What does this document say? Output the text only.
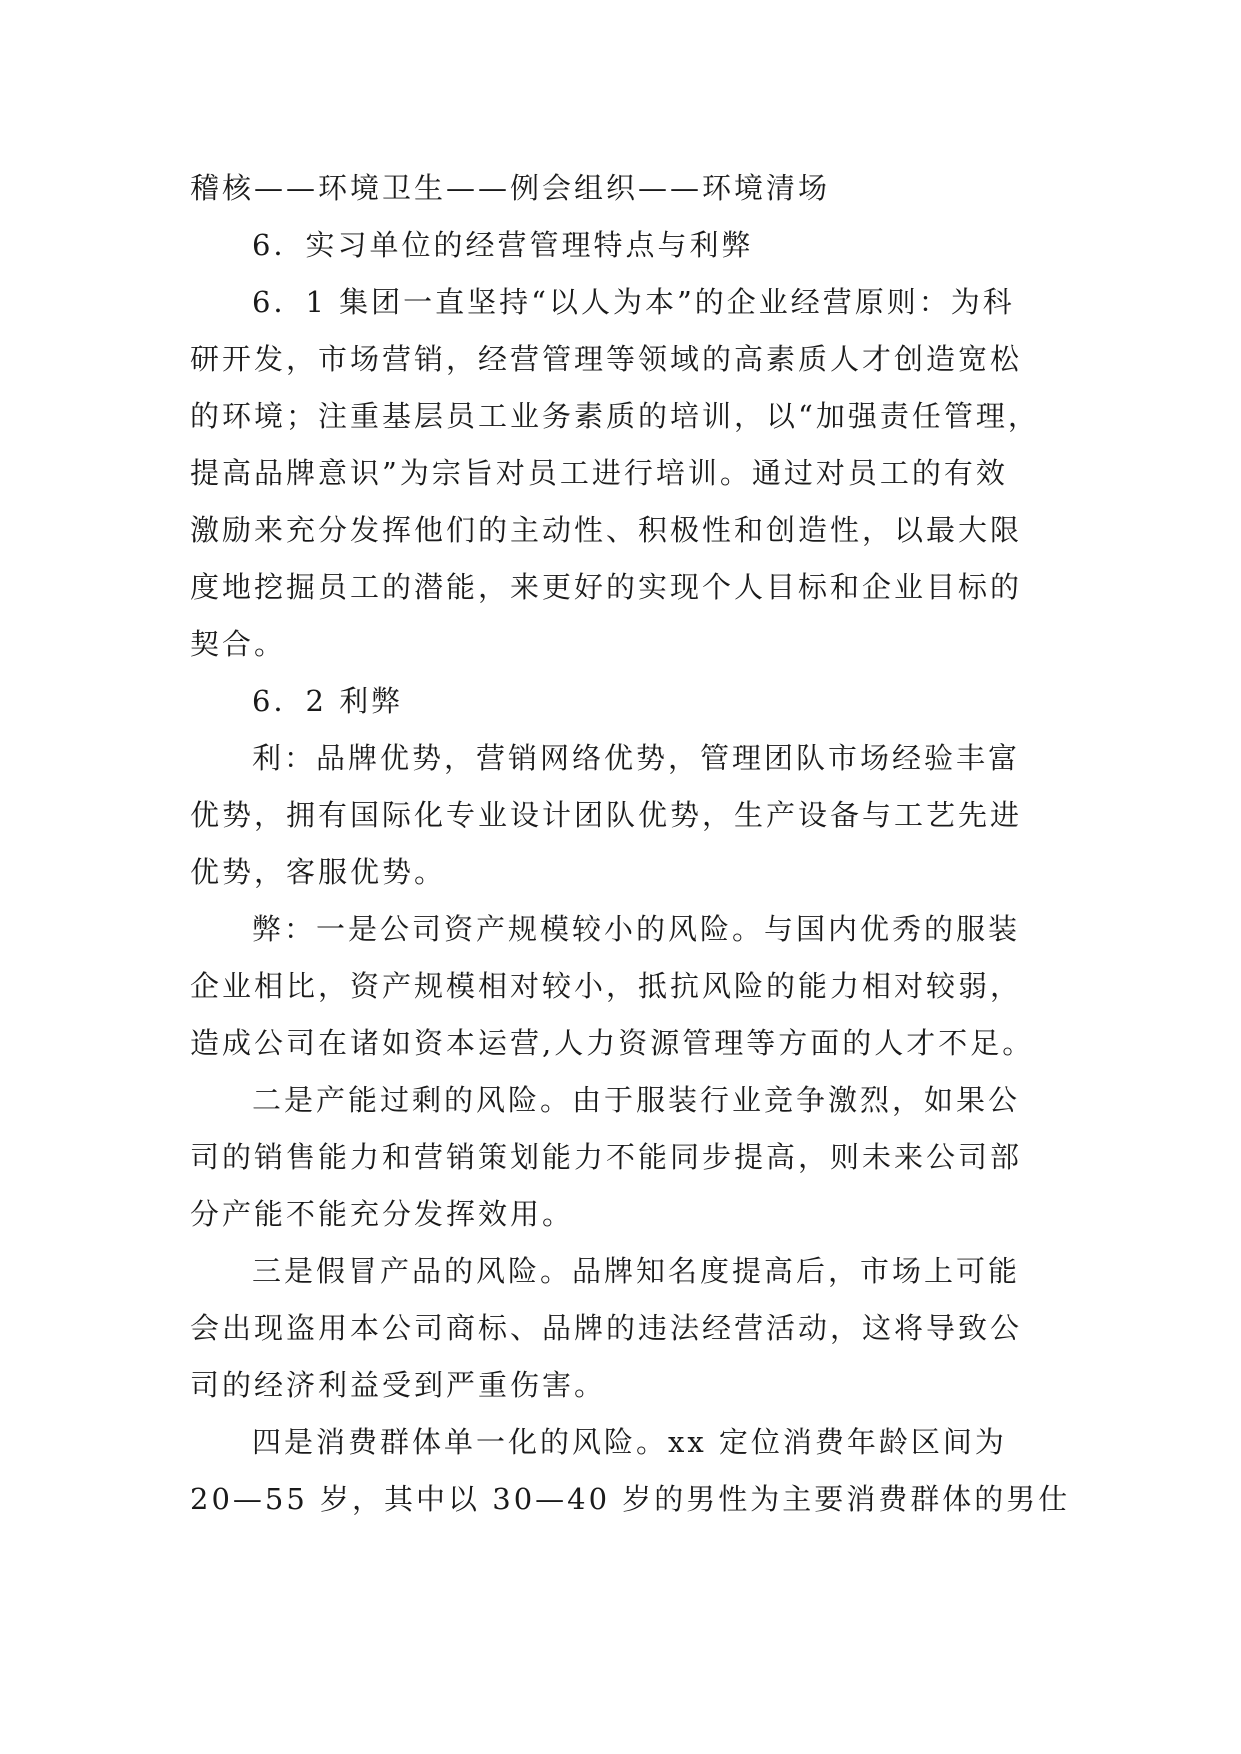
稽核——环境卫生——例会组织——环境清场
6．实习单位的经营管理特点与利弊
6．1 集团一直坚持“以人为本”的企业经营原则：为科
研开发，市场营销，经营管理等领域的高素质人才创造宽松
的环境；注重基层员工业务素质的培训，以“加强责任管理，
提高品牌意识”为宗旨对员工进行培训。通过对员工的有效
激励来充分发挥他们的主动性、积极性和创造性，以最大限
度地挖掘员工的潜能，来更好的实现个人目标和企业目标的
契合。
6．2 利弊
利：品牌优势，营销网络优势，管理团队市场经验丰富
优势，拥有国际化专业设计团队优势，生产设备与工艺先进
优势，客服优势。
弊：一是公司资产规模较小的风险。与国内优秀的服装
企业相比，资产规模相对较小，抵抗风险的能力相对较弱，
造成公司在诸如资本运营,人力资源管理等方面的人才不足。
二是产能过剩的风险。由于服装行业竞争激烈，如果公
司的销售能力和营销策划能力不能同步提高，则未来公司部
分产能不能充分发挥效用。
三是假冒产品的风险。品牌知名度提高后，市场上可能
会出现盗用本公司商标、品牌的违法经营活动，这将导致公
司的经济利益受到严重伤害。
四是消费群体单一化的风险。xx 定位消费年龄区间为
20—55 岁，其中以 30—40 岁的男性为主要消费群体的男仕
